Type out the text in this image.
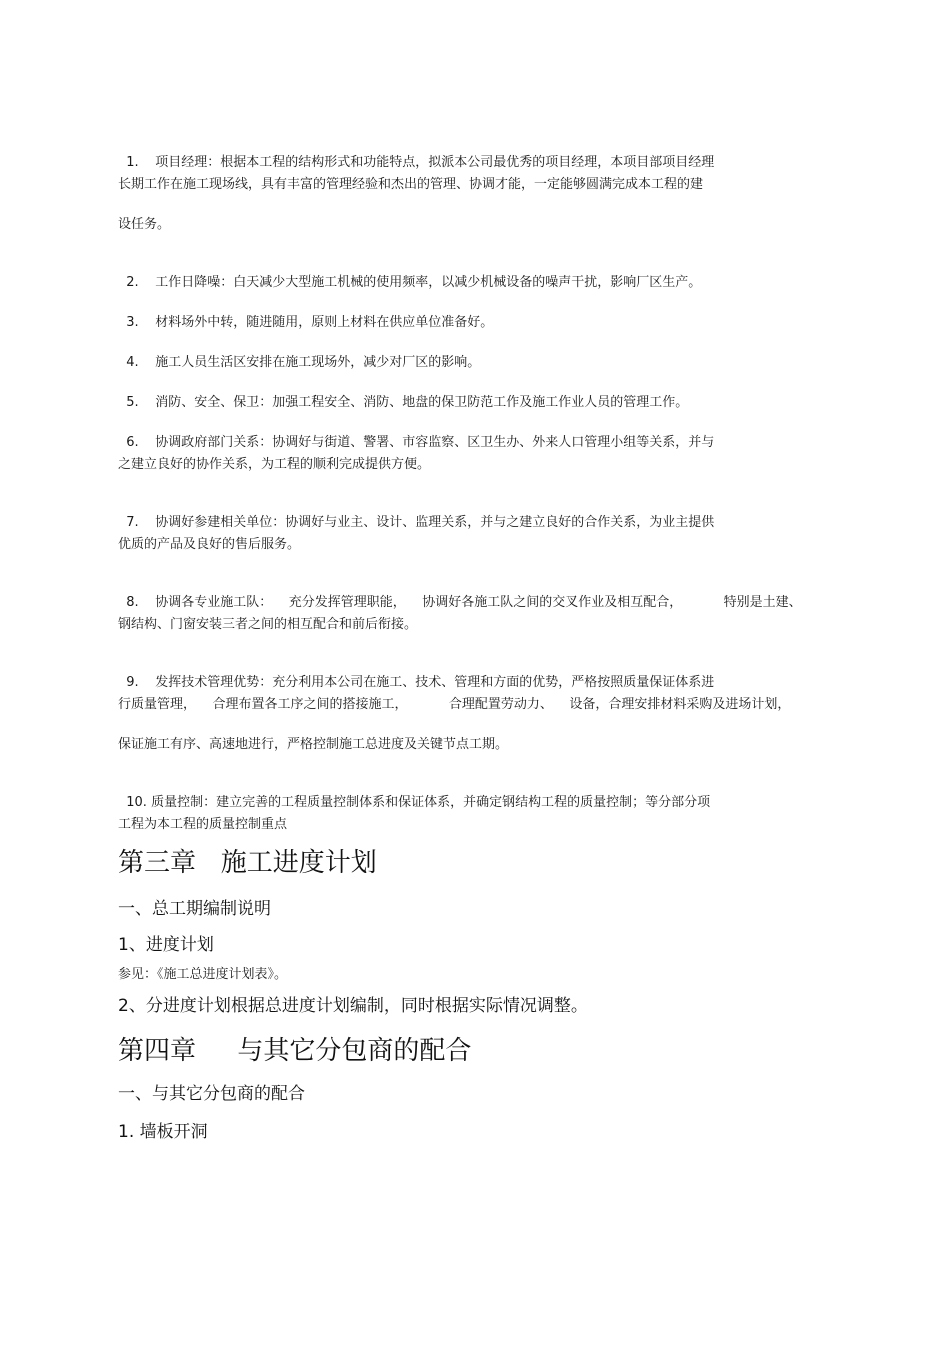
1. 项目经理：根据本工程的结构形式和功能特点，拟派本公司最优秀的项目经理，本项目部项目经理

长期工作在施工现场线，具有丰富的管理经验和杰出的管理、协调才能，一定能够圆满完成本工程的建
设任务。

2. 工作日降噪：白天减少大型施工机械的使用频率，以减少机械设备的噪声干扰，影响厂区生产。

3. 材料场外中转，随进随用，原则上材料在供应单位准备好。

4. 施工人员生活区安排在施工现场外，减少对厂区的影响。

5. 消防、安全、保卫：加强工程安全、消防、地盘的保卫防范工作及施工作业人员的管理工作。

6. 协调政府部门关系：协调好与街道、警署、市容监察、区卫生办、外来人口管理小组等关系，并与

之建立良好的协作关系，为工程的顺利完成提供方便。

7. 协调好参建相关单位：协调好与业主、设计、监理关系，并与之建立良好的合作关系，为业主提供

优质的产品及良好的售后服务。

8. 协调各专业施工队：    充分发挥管理职能，    协调好各施工队之间的交叉作业及相互配合，          特别是土建、

钢结构、门窗安装三者之间的相互配合和前后衔接。

9. 发挥技术管理优势：充分利用本公司在施工、技术、管理和方面的优势，严格按照质量保证体系进

行质量管理，    合理布置各工序之间的搭接施工，          合理配置劳动力、    设备，合理安排材料采购及进场计划，
保证施工有序、高速地进行，严格控制施工总进度及关键节点工期。

10. 质量控制：建立完善的工程质量控制体系和保证体系，并确定钢结构工程的质量控制；等分部分项

工程为本工程的质量控制重点
第三章   施工进度计划
一、总工期编制说明
1、进度计划
参见：《施工总进度计划表》。
2、分进度计划根据总进度计划编制，同时根据实际情况调整。
第四章     与其它分包商的配合
一、与其它分包商的配合
1. 墙板开洞
